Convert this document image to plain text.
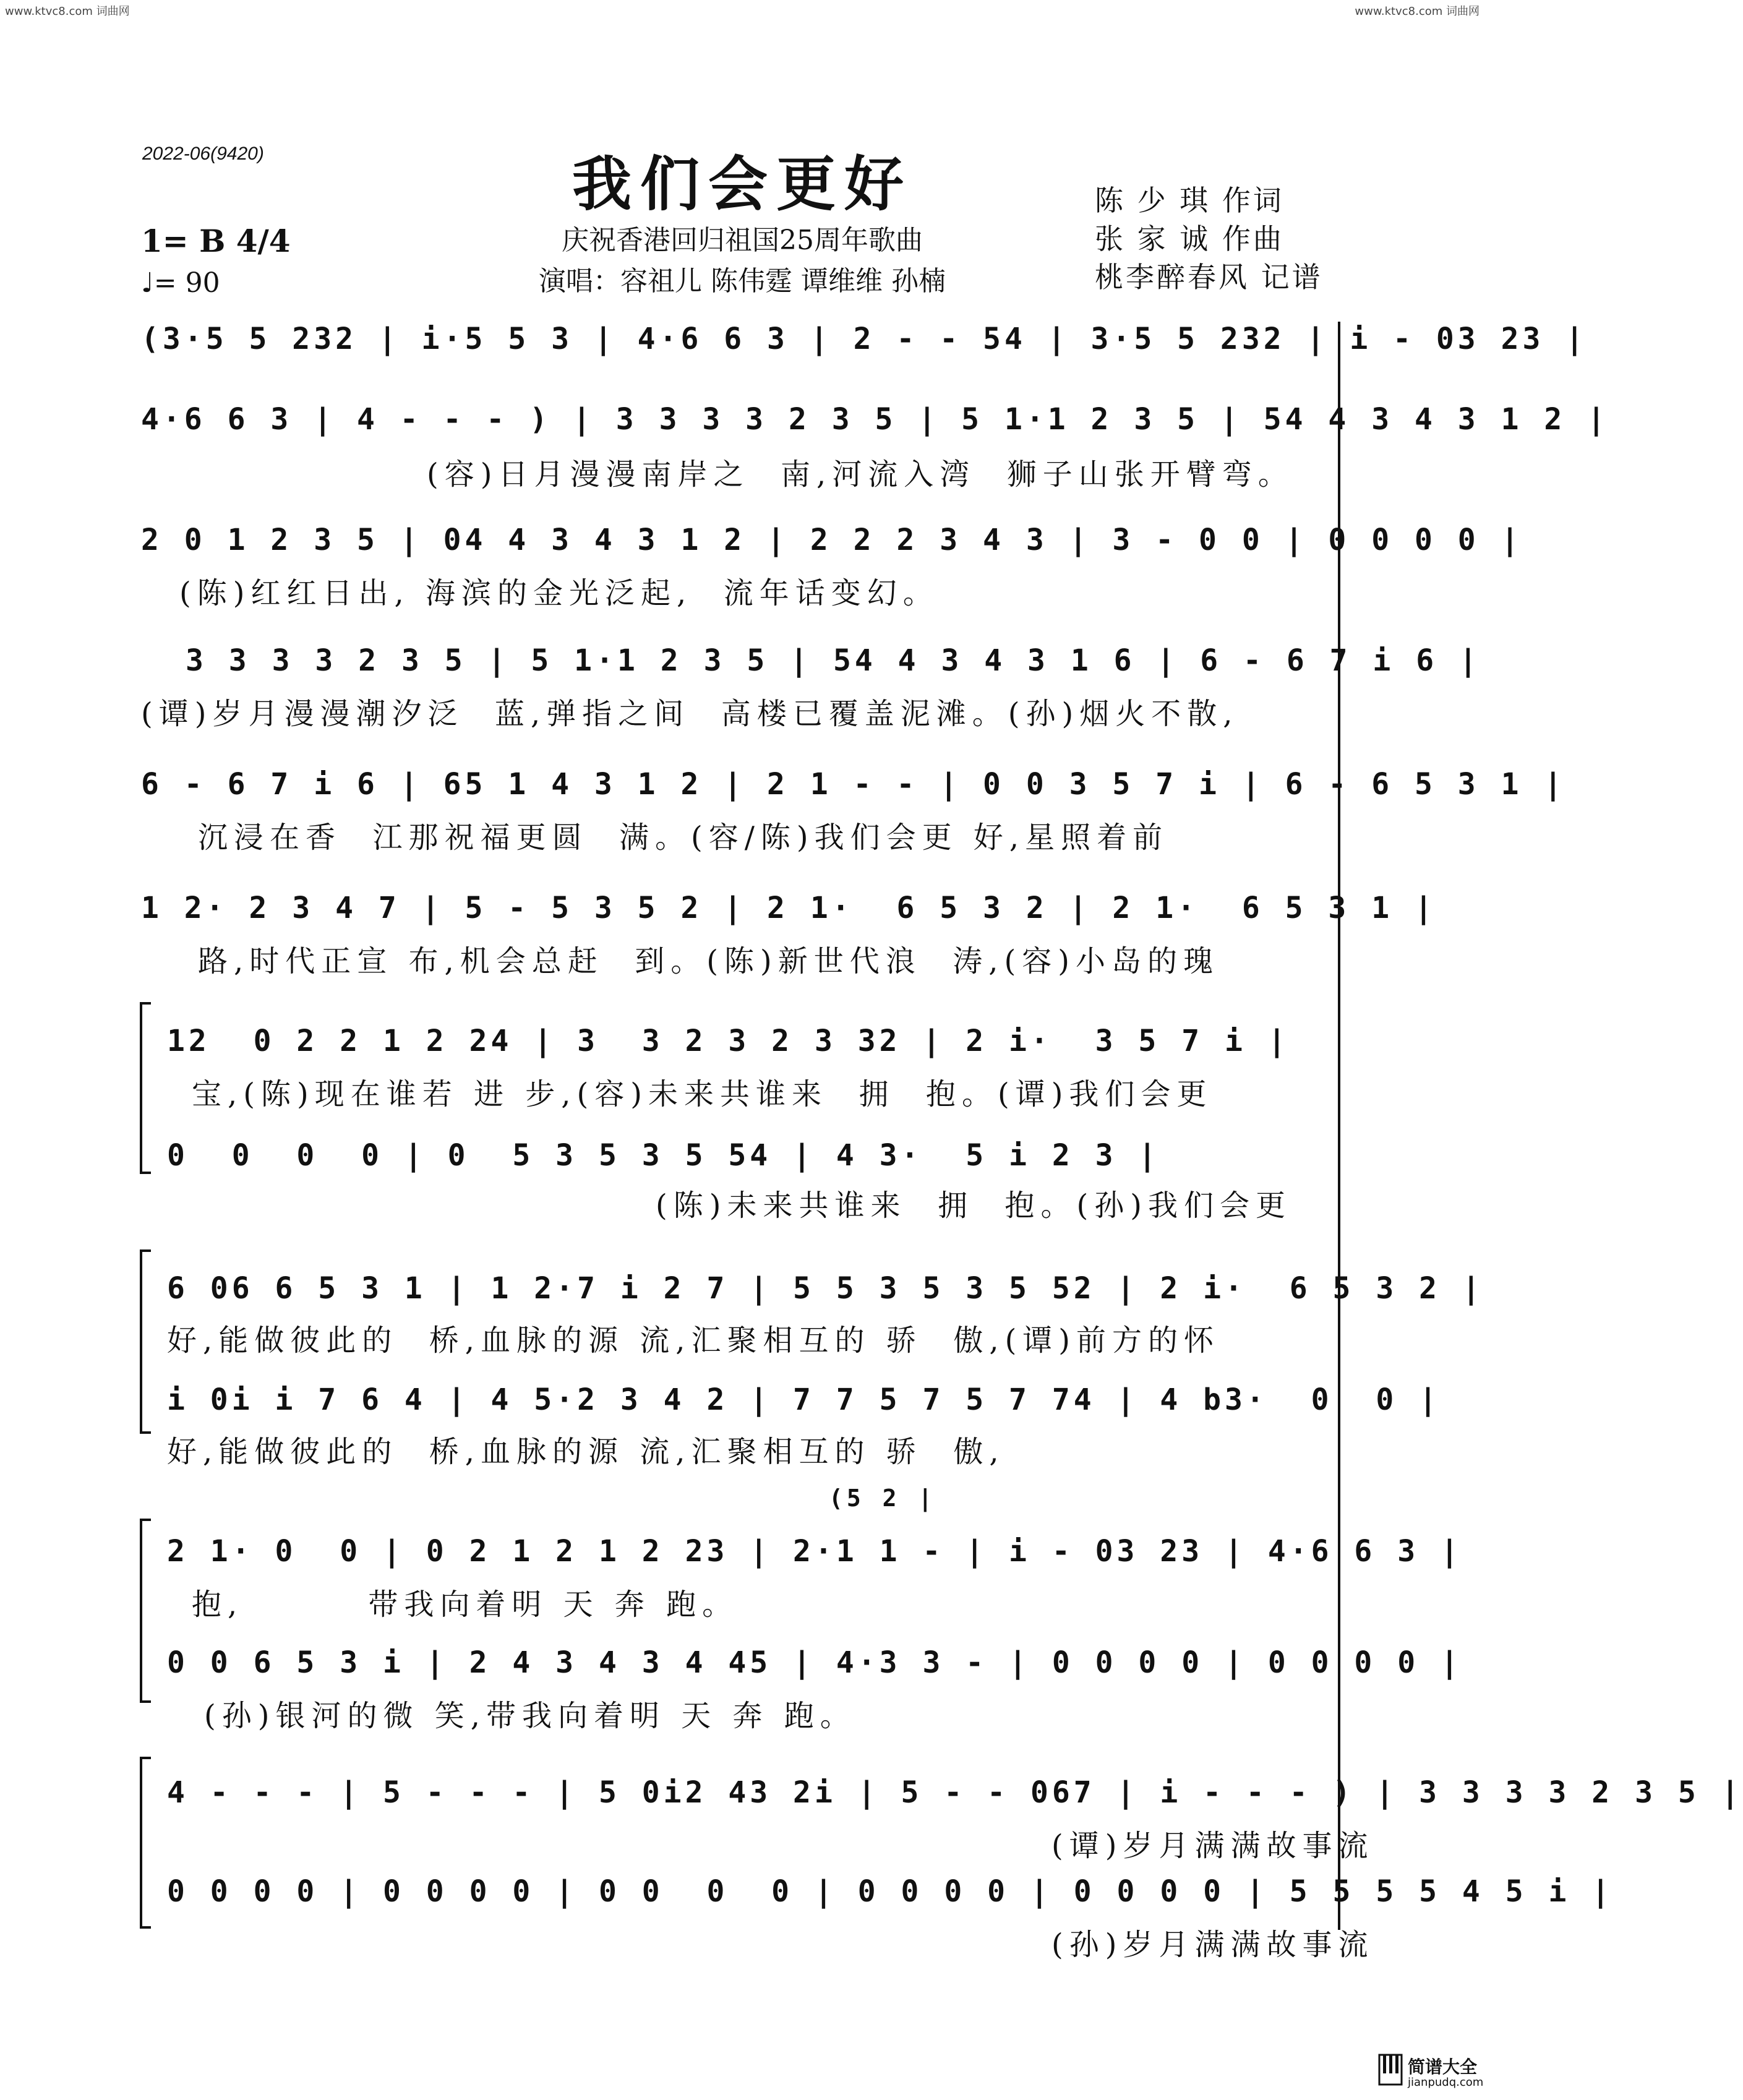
www.ktvc8.com 词曲网	www.ktvc8.com 词曲网
2022-06(9420)	我们会更好
庆祝香港回归祖国25周年歌曲
演唱：容祖儿 陈伟霆 谭维维 孙楠
1= B 4/4
♩= 90
陈 少 琪 作词
张 家 诚 作曲
桃李醉春风 记谱
(3·5 5 232 | i·5 5 3 | 4·6 6 3 | 2 - - 54 | 3·5 5 232 | i - 03 23 |
4·6 6 3 | 4 - - - ) | 3 3 3 3 2 3 5 | 5 1·1 2 3 5 | 54 4 3 4 3 1 2 |
(容)日月漫漫南岸之  南,河流入湾  狮子山张开臂弯。
2 0 1 2 3 5 | 04 4 3 4 3 1 2 | 2 2 2 3 4 3 | 3 - 0 0 | 0 0 0 0 |
(陈)红红日出, 海滨的金光泛起,  流年话变幻。
3 3 3 3 2 3 5 | 5 1·1 2 3 5 | 54 4 3 4 3 1 6 | 6 - 6 7 i 6 |
(谭)岁月漫漫潮汐泛  蓝,弹指之间  高楼已覆盖泥滩。(孙)烟火不散,
6 - 6 7 i 6 | 65 1 4 3 1 2 | 2 1 - - | 0 0 3 5 7 i | 6 - 6 5 3 1 |
沉浸在香  江那祝福更圆  满。(容/陈)我们会更 好,星照着前
1 2· 2 3 4 7 | 5 - 5 3 5 2 | 2 1·  6 5 3 2 | 2 1·  6 5 3 1 |
路,时代正宣 布,机会总赶  到。(陈)新世代浪  涛,(容)小岛的瑰
12  0 2 2 1 2 24 | 3  3 2 3 2 3 32 | 2 i·  3 5 7 i |
宝,(陈)现在谁若 进 步,(容)未来共谁来  拥  抱。(谭)我们会更
0  0  0  0 | 0  5 3 5 3 5 54 | 4 3·  5 i 2 3 |
(陈)未来共谁来  拥  抱。(孙)我们会更
6 06 6 5 3 1 | 1 2·7 i 2 7 | 5 5 3 5 3 5 52 | 2 i·  6 5 3 2 |
好,能做彼此的  桥,血脉的源 流,汇聚相互的 骄  傲,(谭)前方的怀
i 0i i 7 6 4 | 4 5·2 3 4 2 | 7 7 5 7 5 7 74 | 4 b3·  0  0 |
好,能做彼此的  桥,血脉的源 流,汇聚相互的 骄  傲,
(5 2 |
2 1· 0  0 | 0 2 1 2 1 2 23 | 2·1 1 - | i - 03 23 | 4·6 6 3 |
抱,        带我向着明 天 奔 跑。
0 0 6 5 3 i | 2 4 3 4 3 4 45 | 4·3 3 - | 0 0 0 0 | 0 0 0 0 |
(孙)银河的微 笑,带我向着明 天 奔 跑。
4 - - - | 5 - - - | 5 0i2 43 2i | 5 - - 067 | i - - - ) | 3 3 3 3 2 3 5 |
(谭)岁月满满故事流
0 0 0 0 | 0 0 0 0 | 0 0  0  0 | 0 0 0 0 | 0 0 0 0 | 5 5 5 5 4 5 i |
(孙)岁月满满故事流
简谱大全
jianpudq.com
